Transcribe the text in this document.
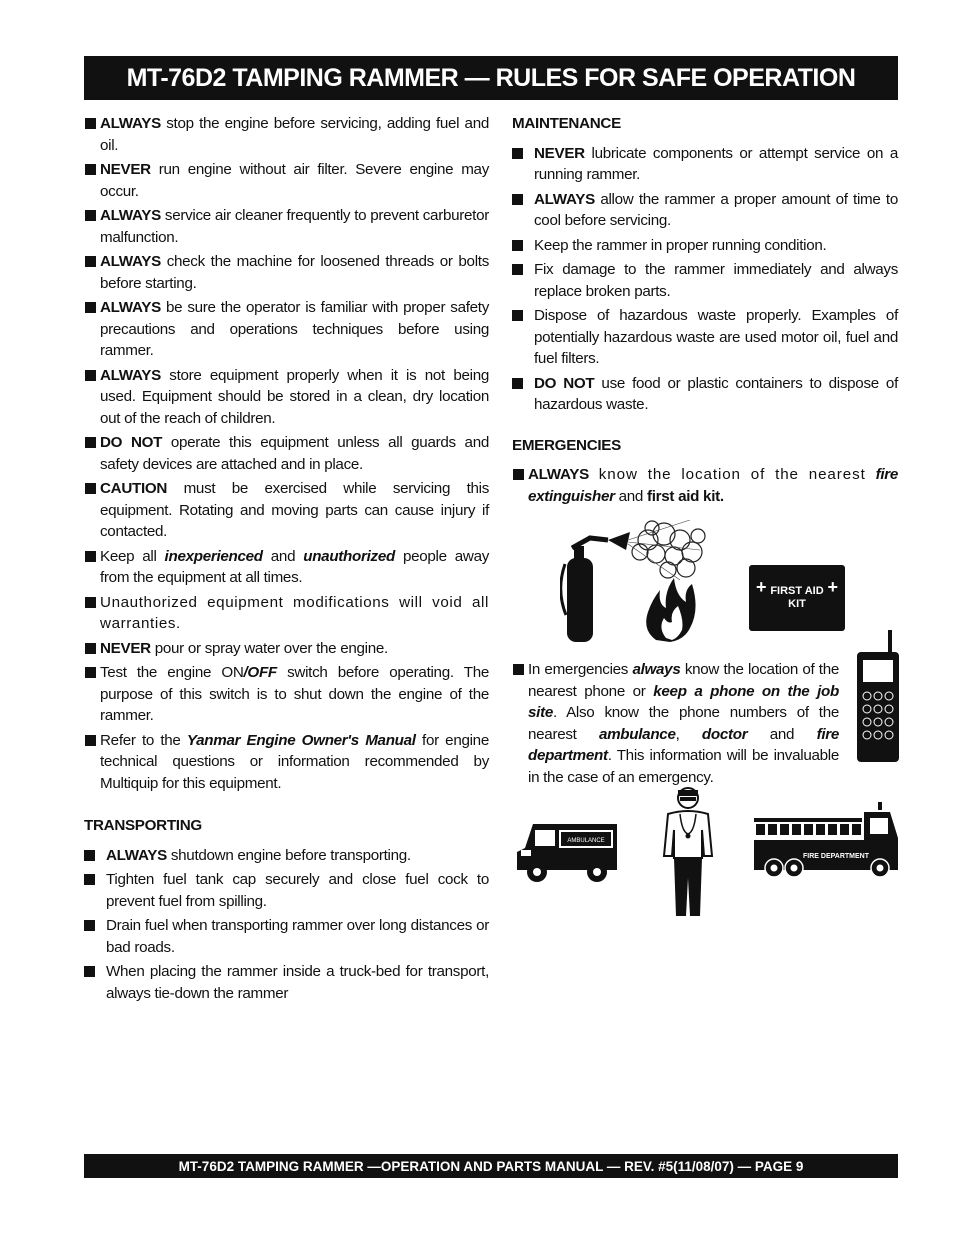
MT-76D2 TAMPING RAMMER — RULES FOR SAFE OPERATION
ALWAYS stop the engine before servicing, adding fuel and oil.
NEVER run engine without air filter. Severe engine may occur.
ALWAYS service air cleaner frequently to prevent carburetor malfunction.
ALWAYS check the machine for loosened threads or bolts before starting.
ALWAYS be sure the operator is familiar with proper safety precautions and operations techniques before using rammer.
ALWAYS store equipment properly when it is not being used. Equipment should be stored in a clean, dry location out of the reach of children.
DO NOT operate this equipment unless all guards and safety devices are attached and in place.
CAUTION must be exercised while servicing this equipment. Rotating and moving parts can cause injury if contacted.
Keep all inexperienced and unauthorized people away from the equipment at all times.
Unauthorized equipment modifications will void all warranties.
NEVER pour or spray water over the engine.
Test the engine ON/OFF switch before operating. The purpose of this switch is to shut down the engine of the rammer.
Refer to the Yanmar Engine Owner's Manual for engine technical questions or information recommended by Multiquip for this equipment.
TRANSPORTING
ALWAYS shutdown engine before transporting.
Tighten fuel tank cap securely and close fuel cock to prevent fuel from spilling.
Drain fuel when transporting rammer over long distances or bad roads.
When placing the rammer inside a truck-bed for transport, always tie-down the rammer
MAINTENANCE
NEVER lubricate components or attempt service on a running rammer.
ALWAYS allow the rammer a proper amount of time to cool before servicing.
Keep the rammer in proper running condition.
Fix damage to the rammer immediately and always replace broken parts.
Dispose of hazardous waste properly. Examples of potentially hazardous waste are used motor oil, fuel and fuel filters.
DO NOT use food or plastic containers to dispose of hazardous waste.
EMERGENCIES
ALWAYS know the location of the nearest fire extinguisher and first aid kit.
In emergencies always know the location of the nearest phone or keep a phone on the job site. Also know the phone numbers of the nearest ambulance, doctor and fire department. This information will be invaluable in the case of an emergency.
+	+
FIRST AID KIT
AMBULANCE
FIRE DEPARTMENT
MT-76D2 TAMPING RAMMER —OPERATION AND PARTS MANUAL — REV. #5(11/08/07) — PAGE 9
